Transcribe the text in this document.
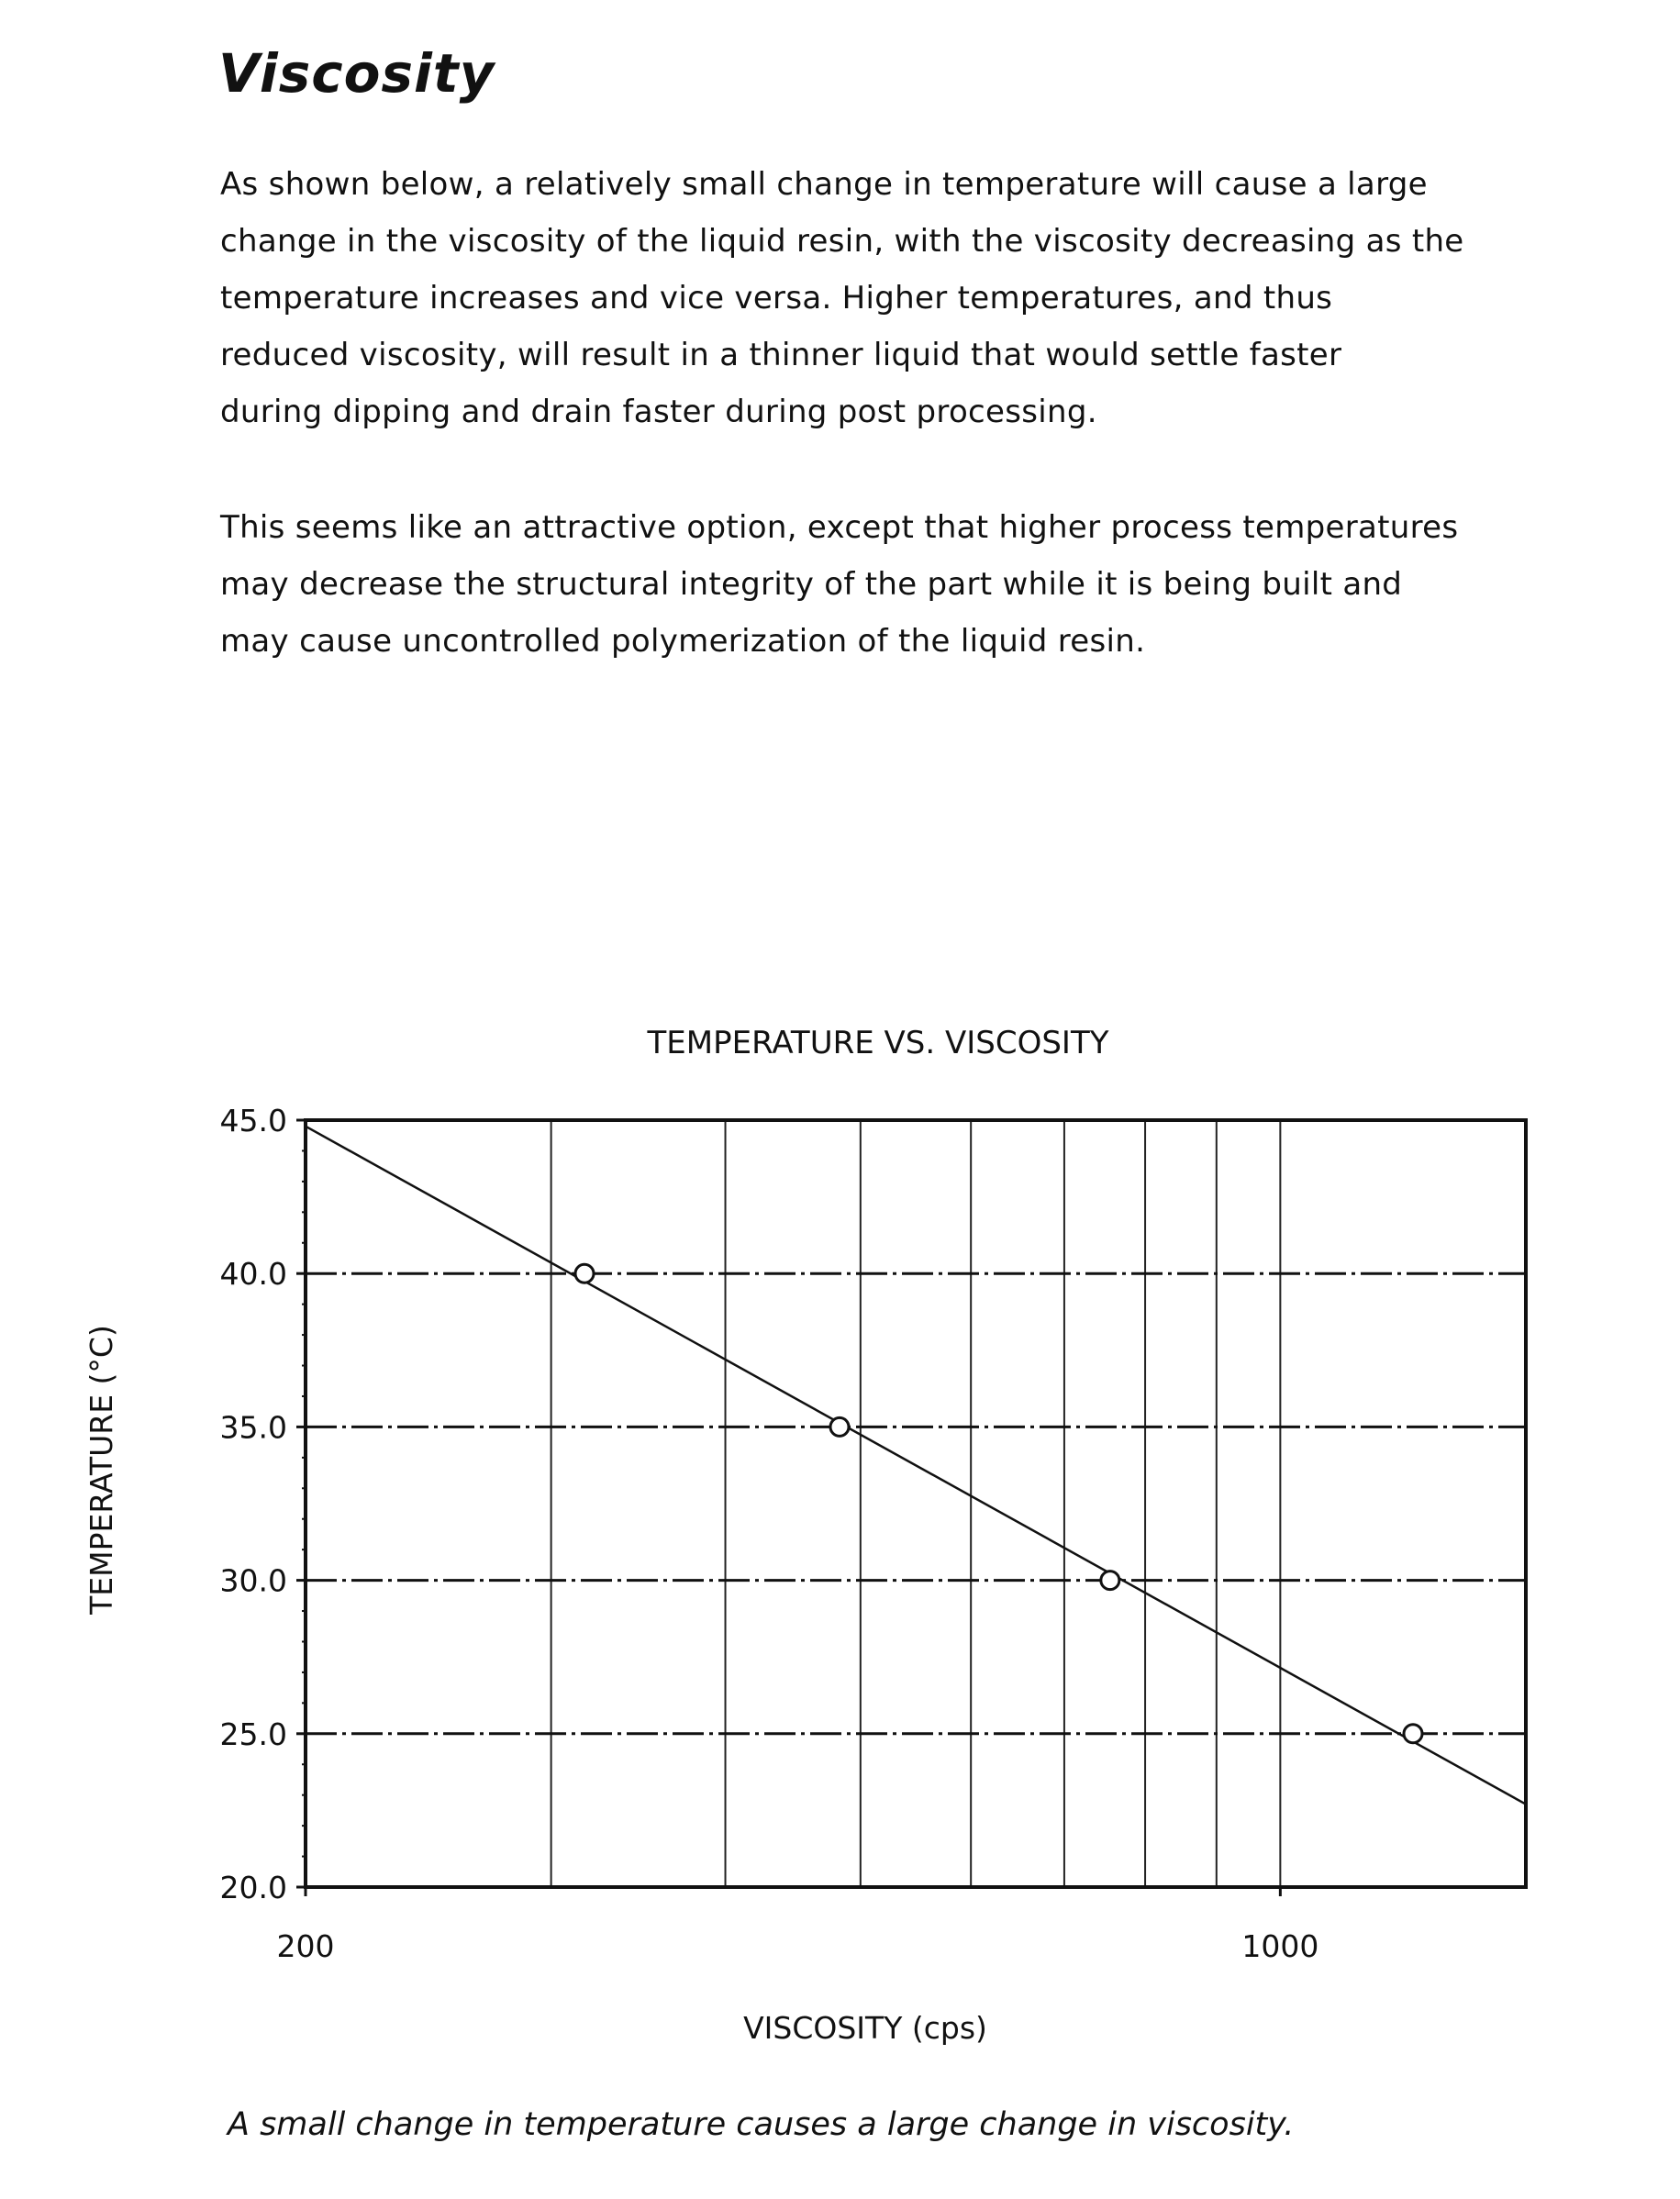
Viscosity
As shown below, a relatively small change in temperature will cause a large
change in the viscosity of the liquid resin, with the viscosity decreasing as the
temperature increases and vice versa. Higher temperatures, and thus
reduced viscosity, will result in a thinner liquid that would settle faster
during dipping and drain faster during post processing.
This seems like an attractive option, except that higher process temperatures
may decrease the structural integrity of the part while it is being built and
may cause uncontrolled polymerization of the liquid resin.
TEMPERATURE VS. VISCOSITY
VISCOSITY (cps)
TEMPERATURE (°C)
45.0
40.0
35.0
30.0
25.0
20.0
200	1000
A small change in temperature causes a large change in viscosity.
